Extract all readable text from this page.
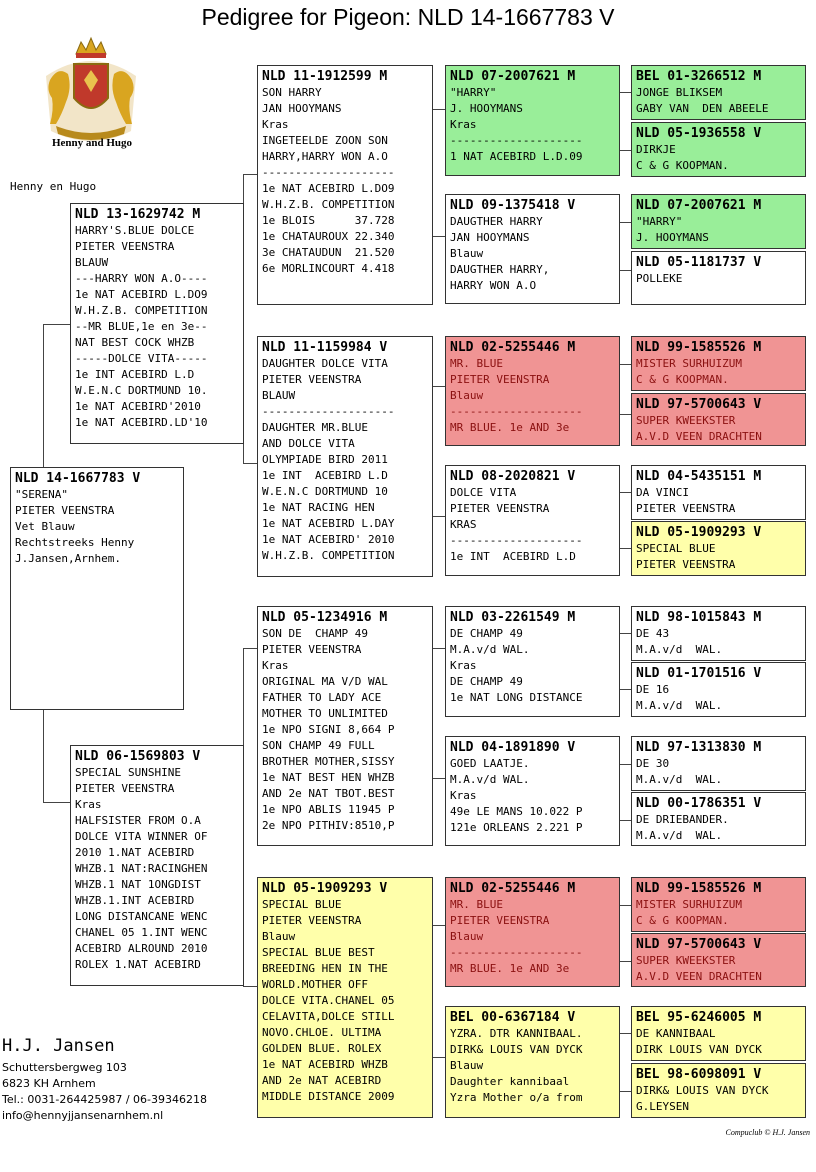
Pedigree for Pigeon: NLD 14-1667783 V
Henny and Hugo
Henny en Hugo
NLD 14-1667783 V
"SERENA"
PIETER VEENSTRA
Vet Blauw
Rechtstreeks Henny
J.Jansen,Arnhem.
NLD 13-1629742 M
HARRY'S.BLUE DOLCE
PIETER VEENSTRA
BLAUW
---HARRY WON A.O----
1e NAT ACEBIRD L.DO9
W.H.Z.B. COMPETITION
--MR BLUE,1e en 3e--
NAT BEST COCK WHZB
-----DOLCE VITA-----
1e INT ACEBIRD L.D
W.E.N.C DORTMUND 10.
1e NAT ACEBIRD'2010
1e NAT ACEBIRD.LD'10
NLD 06-1569803 V
SPECIAL SUNSHINE
PIETER VEENSTRA
Kras
HALFSISTER FROM O.A
DOLCE VITA WINNER OF
2010 1.NAT ACEBIRD
WHZB.1 NAT:RACINGHEN
WHZB.1 NAT 1ONGDIST
WHZB.1.INT ACEBIRD
LONG DISTANCANE WENC
CHANEL 05 1.INT WENC
ACEBIRD ALROUND 2010
ROLEX 1.NAT ACEBIRD
NLD 11-1912599 M
SON HARRY
JAN HOOYMANS
Kras
INGETEELDE ZOON SON
HARRY,HARRY WON A.O
--------------------
1e NAT ACEBIRD L.DO9
W.H.Z.B. COMPETITION
1e BLOIS      37.728
1e CHATAUROUX 22.340
3e CHATAUDUN  21.520
6e MORLINCOURT 4.418
NLD 11-1159984 V
DAUGHTER DOLCE VITA
PIETER VEENSTRA
BLAUW
--------------------
DAUGHTER MR.BLUE
AND DOLCE VITA
OLYMPIADE BIRD 2011
1e INT  ACEBIRD L.D
W.E.N.C DORTMUND 10
1e NAT RACING HEN
1e NAT ACEBIRD L.DAY
1e NAT ACEBIRD' 2010
W.H.Z.B. COMPETITION
NLD 05-1234916 M
SON DE  CHAMP 49
PIETER VEENSTRA
Kras
ORIGINAL MA V/D WAL
FATHER TO LADY ACE
MOTHER TO UNLIMITED
1e NPO SIGNI 8,664 P
SON CHAMP 49 FULL
BROTHER MOTHER,SISSY
1e NAT BEST HEN WHZB
AND 2e NAT TBOT.BEST
1e NPO ABLIS 11945 P
2e NPO PITHIV:8510,P
NLD 05-1909293 V
SPECIAL BLUE
PIETER VEENSTRA
Blauw
SPECIAL BLUE BEST
BREEDING HEN IN THE
WORLD.MOTHER OFF
DOLCE VITA.CHANEL 05
CELAVITA,DOLCE STILL
NOVO.CHLOE. ULTIMA
GOLDEN BLUE. ROLEX
1e NAT ACEBIRD WHZB
AND 2e NAT ACEBIRD
MIDDLE DISTANCE 2009
NLD 07-2007621 M
"HARRY"
J. HOOYMANS
Kras
--------------------
1 NAT ACEBIRD L.D.09
NLD 09-1375418 V
DAUGTHER HARRY
JAN HOOYMANS
Blauw
DAUGTHER HARRY,
HARRY WON A.O
NLD 02-5255446 M
MR. BLUE
PIETER VEENSTRA
Blauw
--------------------
MR BLUE. 1e AND 3e
NLD 08-2020821 V
DOLCE VITA
PIETER VEENSTRA
KRAS
--------------------
1e INT  ACEBIRD L.D
NLD 03-2261549 M
DE CHAMP 49
M.A.v/d WAL.
Kras
DE CHAMP 49
1e NAT LONG DISTANCE
NLD 04-1891890 V
GOED LAATJE.
M.A.v/d WAL.
Kras
49e LE MANS 10.022 P
121e ORLEANS 2.221 P
NLD 02-5255446 M
MR. BLUE
PIETER VEENSTRA
Blauw
--------------------
MR BLUE. 1e AND 3e
BEL 00-6367184 V
YZRA. DTR KANNIBAAL.
DIRK& LOUIS VAN DYCK
Blauw
Daughter kannibaal
Yzra Mother o/a from
BEL 01-3266512 M
JONGE BLIKSEM
GABY VAN  DEN ABEELE
NLD 05-1936558 V
DIRKJE
C & G KOOPMAN.
NLD 07-2007621 M
"HARRY"
J. HOOYMANS
NLD 05-1181737 V
POLLEKE
NLD 99-1585526 M
MISTER SURHUIZUM
C & G KOOPMAN.
NLD 97-5700643 V
SUPER KWEEKSTER
A.V.D VEEN DRACHTEN
NLD 04-5435151 M
DA VINCI
PIETER VEENSTRA
NLD 05-1909293 V
SPECIAL BLUE
PIETER VEENSTRA
NLD 98-1015843 M
DE 43
M.A.v/d  WAL.
NLD 01-1701516 V
DE 16
M.A.v/d  WAL.
NLD 97-1313830 M
DE 30
M.A.v/d  WAL.
NLD 00-1786351 V
DE DRIEBANDER.
M.A.v/d  WAL.
NLD 99-1585526 M
MISTER SURHUIZUM
C & G KOOPMAN.
NLD 97-5700643 V
SUPER KWEEKSTER
A.V.D VEEN DRACHTEN
BEL 95-6246005 M
DE KANNIBAAL
DIRK LOUIS VAN DYCK
BEL 98-6098091 V
DIRK& LOUIS VAN DYCK
G.LEYSEN
H.J. Jansen
Schuttersbergweg 103
6823 KH Arnhem
Tel.: 0031-264425987 / 06-39346218
info@hennyjjansenarnhem.nl
Compuclub © H.J. Jansen
